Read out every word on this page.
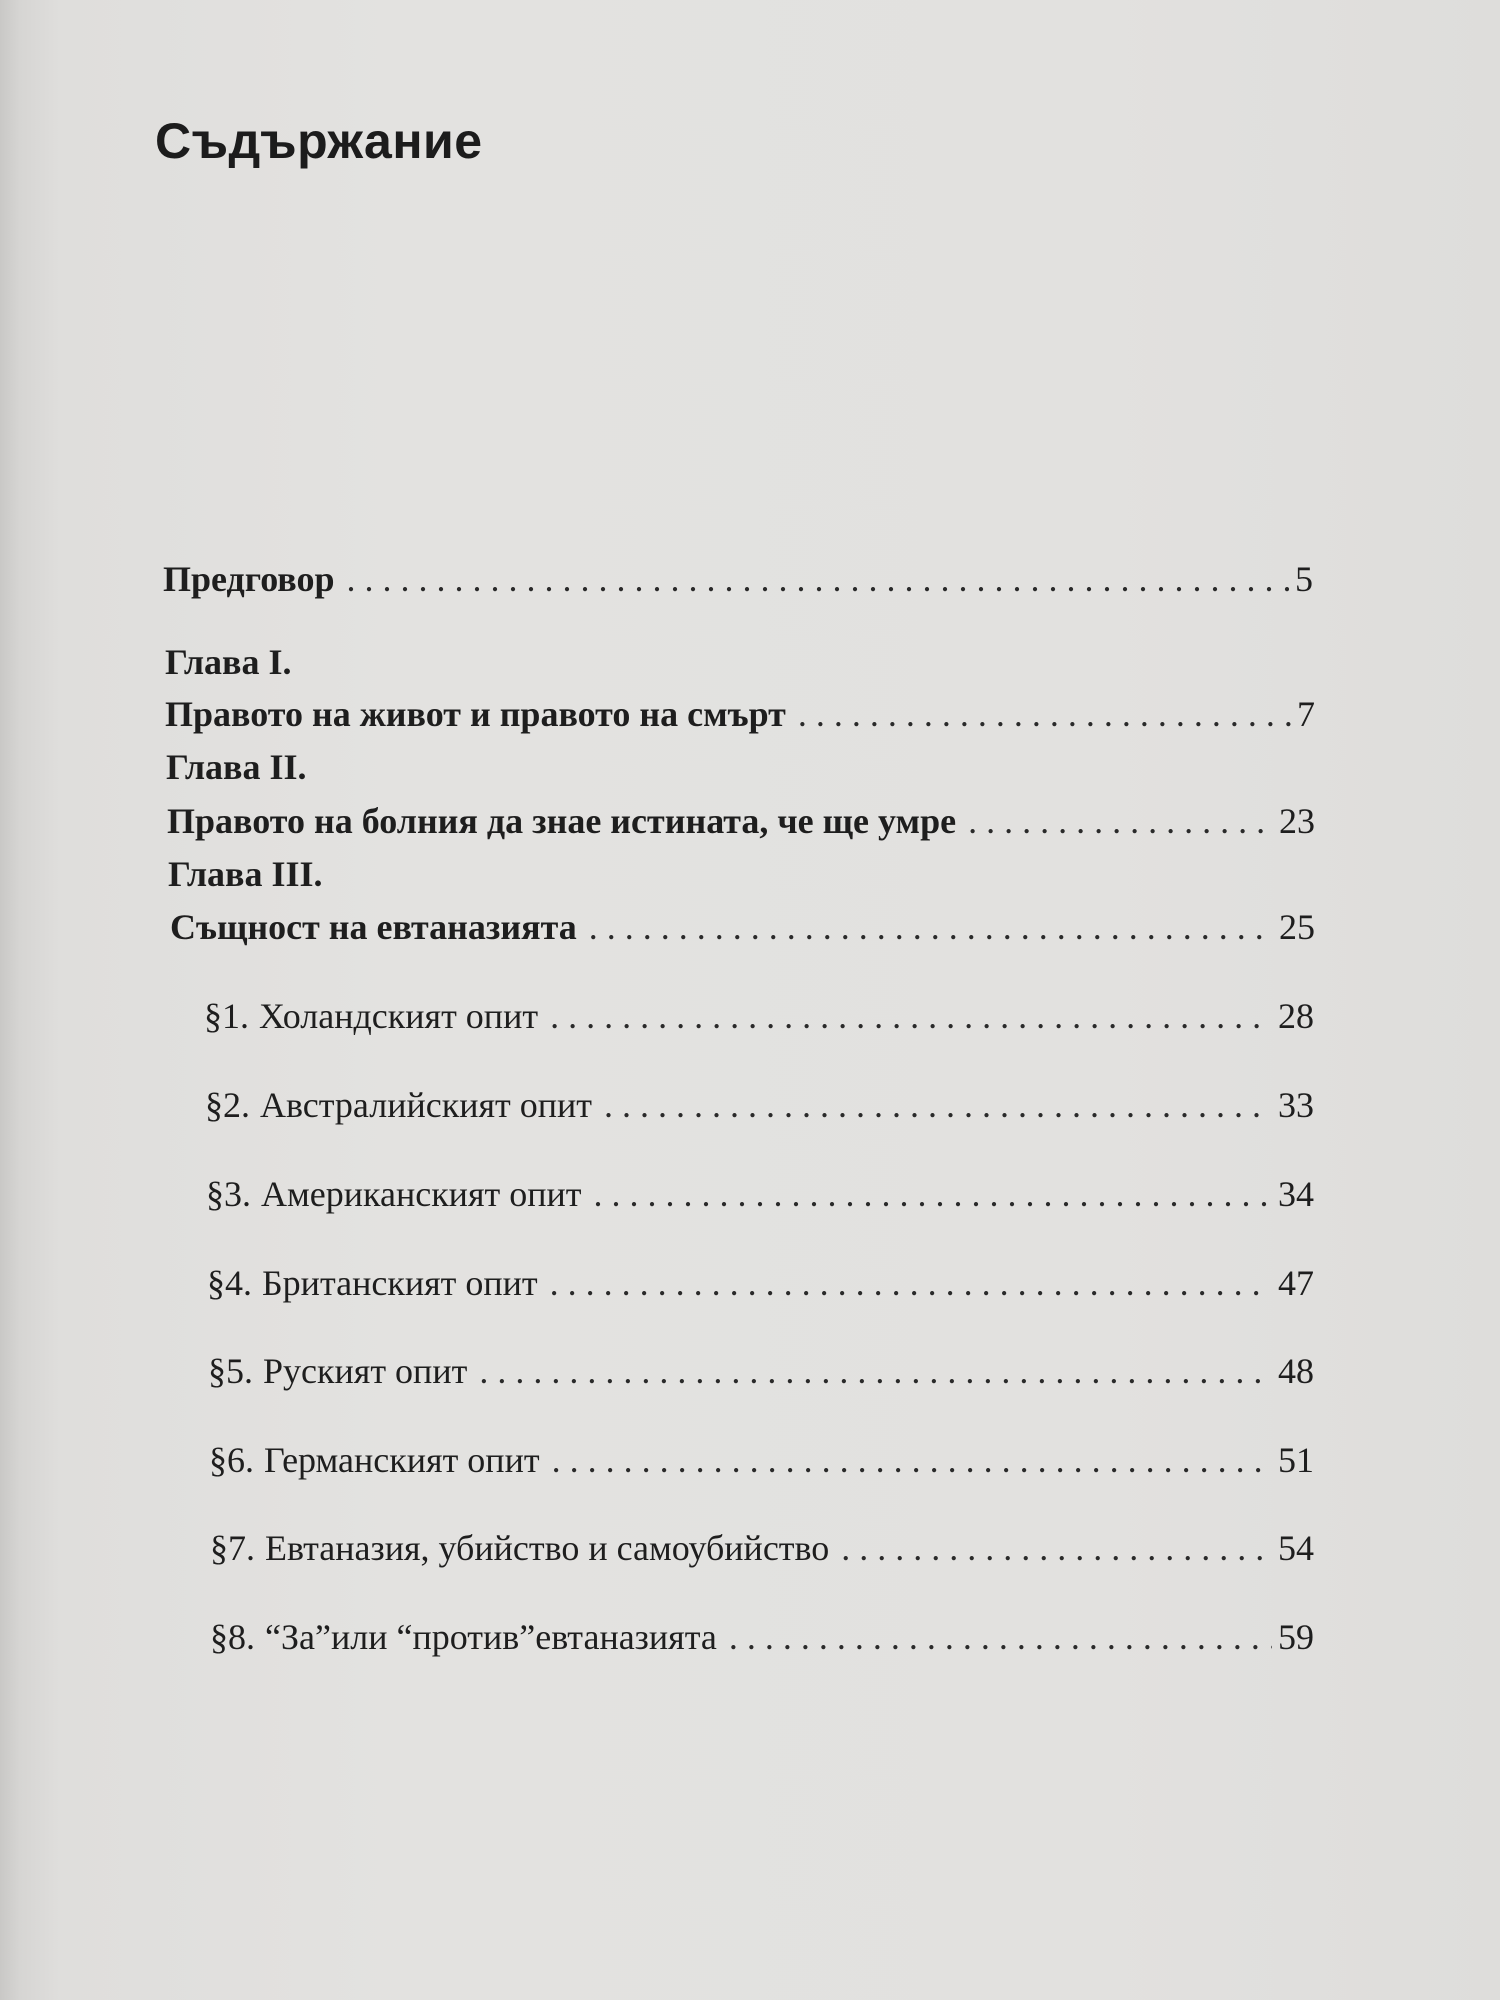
Съдържание
Предговор . . .	5
Глава I.
Правото на живот и правото на смърт . . .	7
Глава II.
Правото на болния да знае истината, че ще умре . . .	23
Глава III.
Същност на евтаназията . . .	25
§1. Холандският опит . . .	28
§2. Австралийският опит . . .	33
§3. Американският опит . . .	34
§4. Британският опит . . .	47
§5. Руският опит . . .	48
§6. Германският опит . . .	51
§7. Евтаназия, убийство и самоубийство . . .	54
§8. “За”или “против”евтаназията . . .	59
